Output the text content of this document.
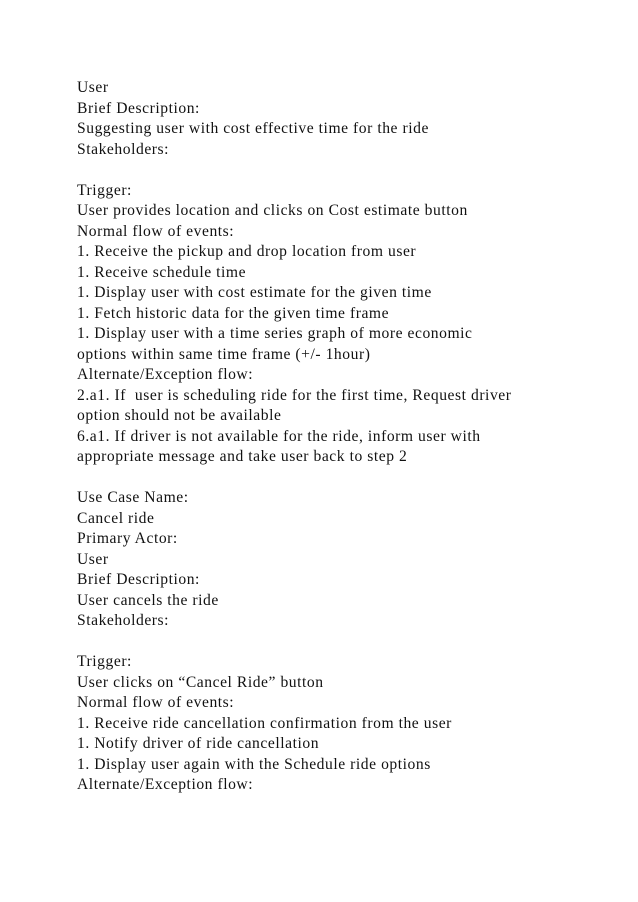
User
Brief Description:
Suggesting user with cost effective time for the ride
Stakeholders:
Trigger:
User provides location and clicks on Cost estimate button
Normal flow of events:
1. Receive the pickup and drop location from user
1. Receive schedule time
1. Display user with cost estimate for the given time
1. Fetch historic data for the given time frame
1. Display user with a time series graph of more economic
options within same time frame (+/- 1hour)
Alternate/Exception flow:
2.a1. If  user is scheduling ride for the first time, Request driver
option should not be available
6.a1. If driver is not available for the ride, inform user with
appropriate message and take user back to step 2
Use Case Name:
Cancel ride
Primary Actor:
User
Brief Description:
User cancels the ride
Stakeholders:
Trigger:
User clicks on “Cancel Ride” button
Normal flow of events:
1. Receive ride cancellation confirmation from the user
1. Notify driver of ride cancellation
1. Display user again with the Schedule ride options
Alternate/Exception flow:
